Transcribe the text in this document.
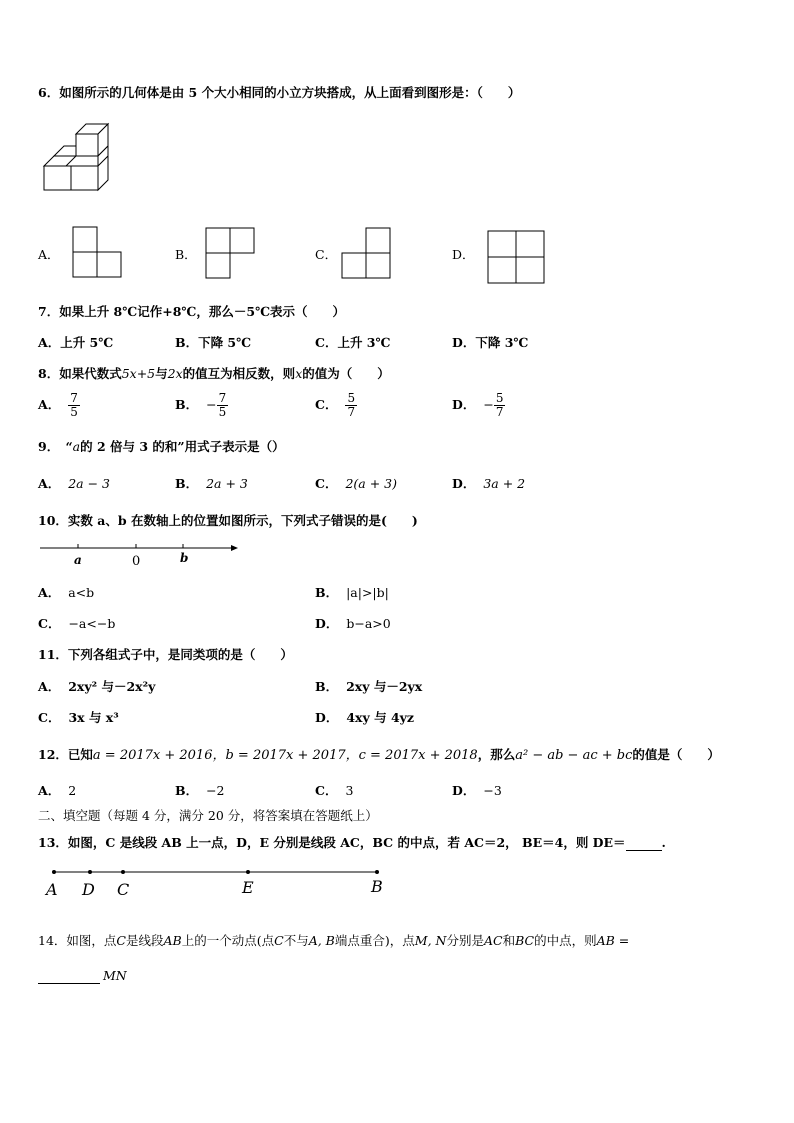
6．如图所示的几何体是由 5 个大小相同的小立方块搭成，从上面看到图形是：（　　）
A．	B．	C．	D．
7．如果上升 8℃记作+8℃，那么－5℃表示（　　）
A．上升 5℃	B．下降 5℃	C．上升 3℃	D．下降 3℃
8．如果代数式5x+5与2x的值互为相反数，则x的值为（　　）
A． $\frac{7}{5}$	B． − $\frac{7}{5}$	C． $\frac{5}{7}$	D． − $\frac{5}{7}$
9．　“a的 2 倍与 3 的和”用式子表示是（）
A． 2a − 3	B． 2a + 3	C． 2(a + 3)	D． 3a + 2
10．实数 a、b 在数轴上的位置如图所示，下列式子错误的是(　　)
a	0	b
A． a<b	B． |a|>|b|
C． −a<−b	D． b−a>0
11．下列各组式子中，是同类项的是（　　）
A． 2xy² 与－2x²y	B． 2xy 与－2yx
C． 3x 与 x³	D． 4xy 与 4yz
12．已知a = 2017x + 2016，b = 2017x + 2017，c = 2017x + 2018，那么a² − ab − ac + bc的值是（　　）
A． 2	B． −2	C． 3	D． −3
二、填空题（每题 4 分，满分 20 分，将答案填在答题纸上）
13．如图，C 是线段 AB 上一点，D，E 分别是线段 AC，BC 的中点，若 AC＝2， BE＝4，则 DE＝	.
A D C	E	B
14．如图，点C是线段AB上的一个动点(点C不与A, B端点重合)，点M, N分别是AC和BC的中点，则AB =
MN
